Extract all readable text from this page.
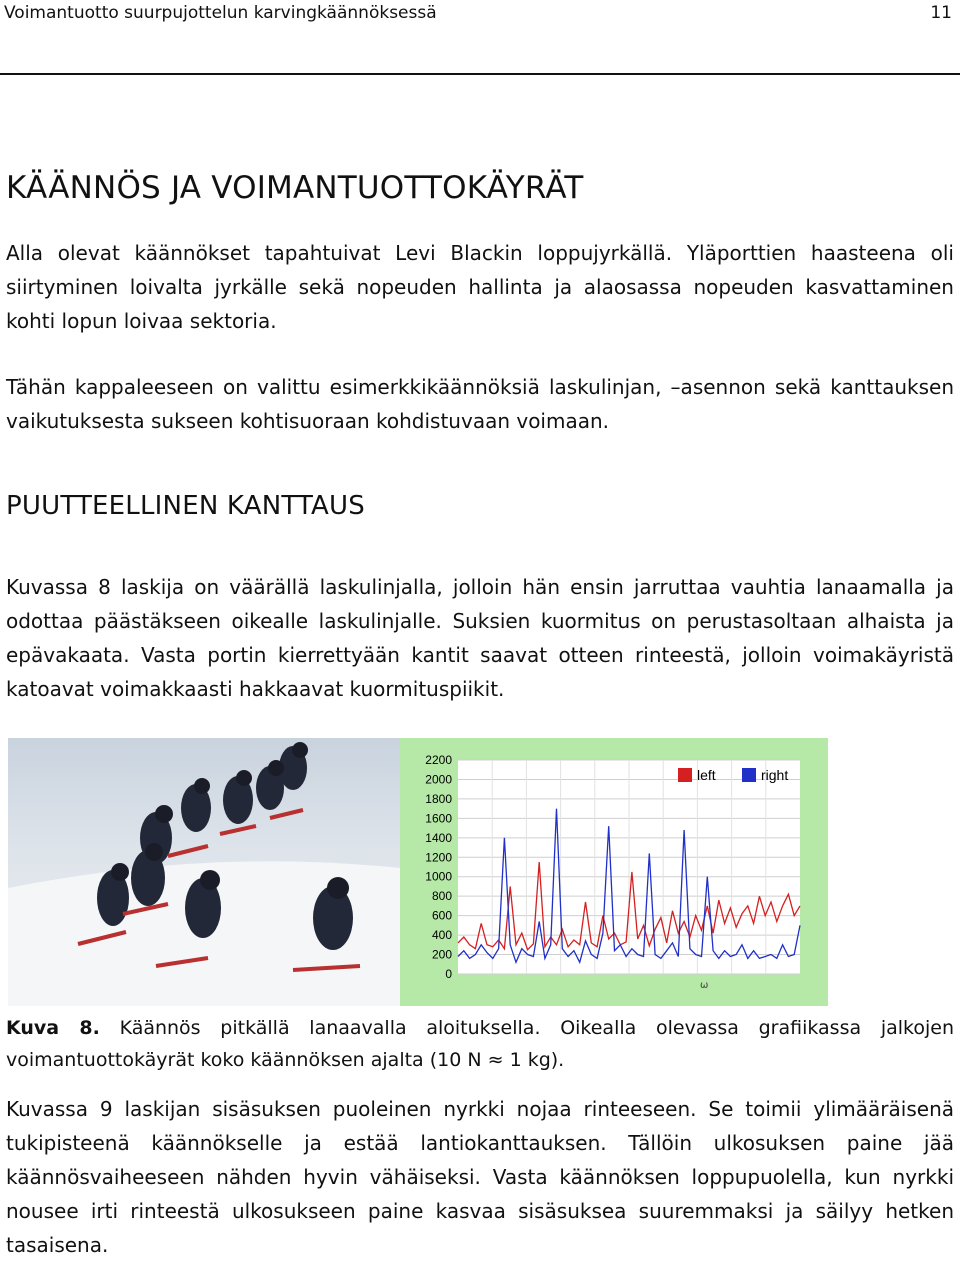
Voimantuotto suurpujottelun karvingkäännöksessä	11
KÄÄNNÖS JA VOIMANTUOTTOKÄYRÄT

Alla olevat käännökset tapahtuivat Levi Blackin loppujyrkällä. Yläporttien haasteena oli siirtyminen loivalta jyrkälle sekä nopeuden hallinta ja alaosassa nopeuden kasvattaminen kohti lopun loivaa sektoria.

Tähän kappaleeseen on valittu esimerkkikäännöksiä laskulinjan, –asennon sekä kanttauksen vaikutuksesta sukseen kohtisuoraan kohdistuvaan voimaan.

PUUTTEELLINEN KANTTAUS

Kuvassa 8 laskija on väärällä laskulinjalla, jolloin hän ensin jarruttaa vauhtia lanaamalla ja odottaa päästäkseen oikealle laskulinjalle. Suksien kuormitus on perustasoltaan alhaista ja epävakaata. Vasta portin kierrettyään kantit saavat otteen rinteestä, jolloin voimakäyristä katoavat voimakkaasti hakkaavat kuormituspiikit.

2200
2000
1800
1600
1400
1200
1000
800
600
400
200
0
ω
left	right

Kuva 8. Käännös pitkällä lanaavalla aloituksella. Oikealla olevassa grafiikassa jalkojen voimantuottokäyrät koko käännöksen ajalta (10 N ≈ 1 kg).

Kuvassa 9 laskijan sisäsuksen puoleinen nyrkki nojaa rinteeseen. Se toimii ylimääräisenä tukipisteenä käännökselle ja estää lantiokanttauksen. Tällöin ulkosuksen paine jää käännösvaiheeseen nähden hyvin vähäiseksi. Vasta käännöksen loppupuolella, kun nyrkki nousee irti rinteestä ulkosukseen paine kasvaa sisäsuksea suuremmaksi ja säilyy hetken tasaisena.
